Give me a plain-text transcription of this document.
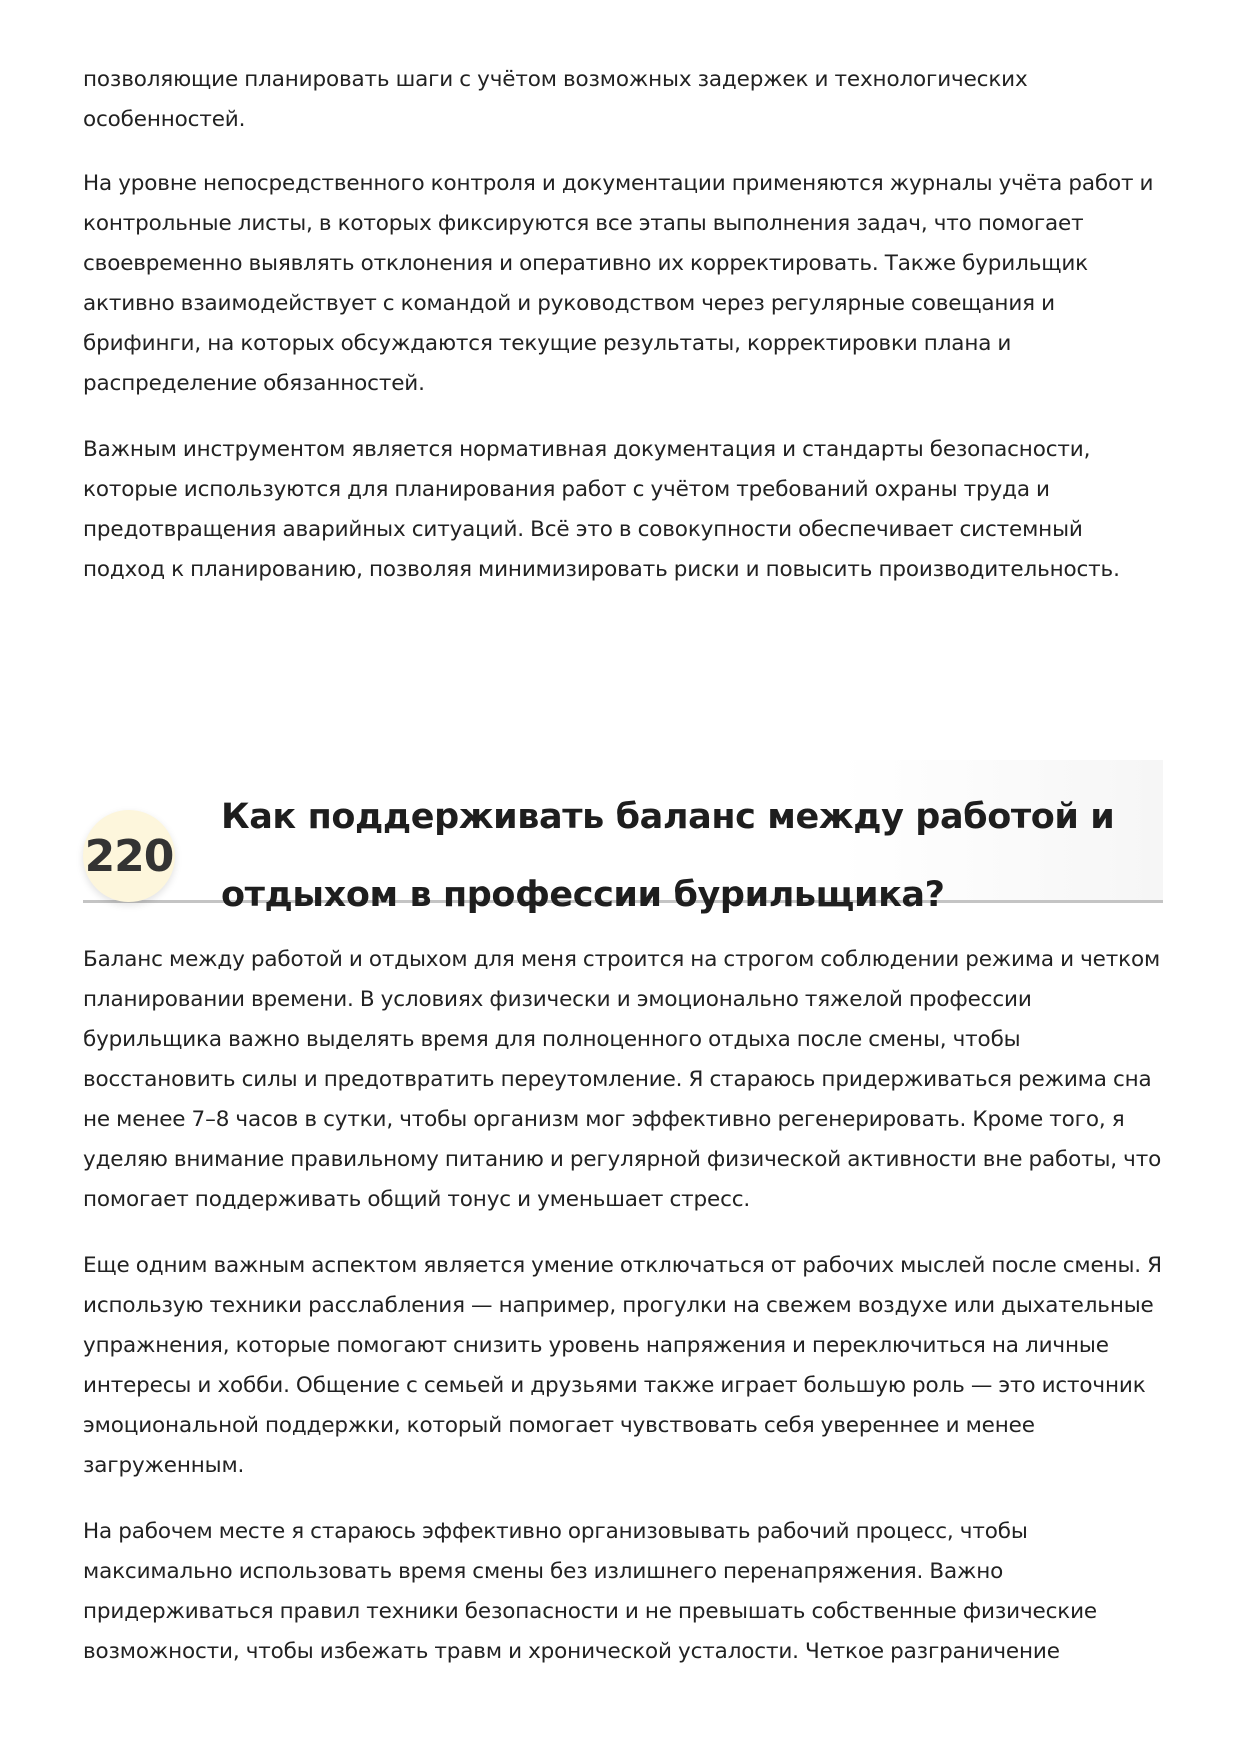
позволяющие планировать шаги с учётом возможных задержек и технологических особенностей.

На уровне непосредственного контроля и документации применяются журналы учёта работ и контрольные листы, в которых фиксируются все этапы выполнения задач, что помогает своевременно выявлять отклонения и оперативно их корректировать. Также бурильщик активно взаимодействует с командой и руководством через регулярные совещания и брифинги, на которых обсуждаются текущие результаты, корректировки плана и распределение обязанностей.

Важным инструментом является нормативная документация и стандарты безопасности, которые используются для планирования работ с учётом требований охраны труда и предотвращения аварийных ситуаций. Всё это в совокупности обеспечивает системный подход к планированию, позволяя минимизировать риски и повысить производительность.

220
Как поддерживать баланс между работой и отдыхом в профессии бурильщика?

Баланс между работой и отдыхом для меня строится на строгом соблюдении режима и четком планировании времени. В условиях физически и эмоционально тяжелой профессии бурильщика важно выделять время для полноценного отдыха после смены, чтобы восстановить силы и предотвратить переутомление. Я стараюсь придерживаться режима сна не менее 7–8 часов в сутки, чтобы организм мог эффективно регенерировать. Кроме того, я уделяю внимание правильному питанию и регулярной физической активности вне работы, что помогает поддерживать общий тонус и уменьшает стресс.

Еще одним важным аспектом является умение отключаться от рабочих мыслей после смены. Я использую техники расслабления — например, прогулки на свежем воздухе или дыхательные упражнения, которые помогают снизить уровень напряжения и переключиться на личные интересы и хобби. Общение с семьей и друзьями также играет большую роль — это источник эмоциональной поддержки, который помогает чувствовать себя увереннее и менее загруженным.

На рабочем месте я стараюсь эффективно организовывать рабочий процесс, чтобы максимально использовать время смены без излишнего перенапряжения. Важно придерживаться правил техники безопасности и не превышать собственные физические возможности, чтобы избежать травм и хронической усталости. Четкое разграничение
